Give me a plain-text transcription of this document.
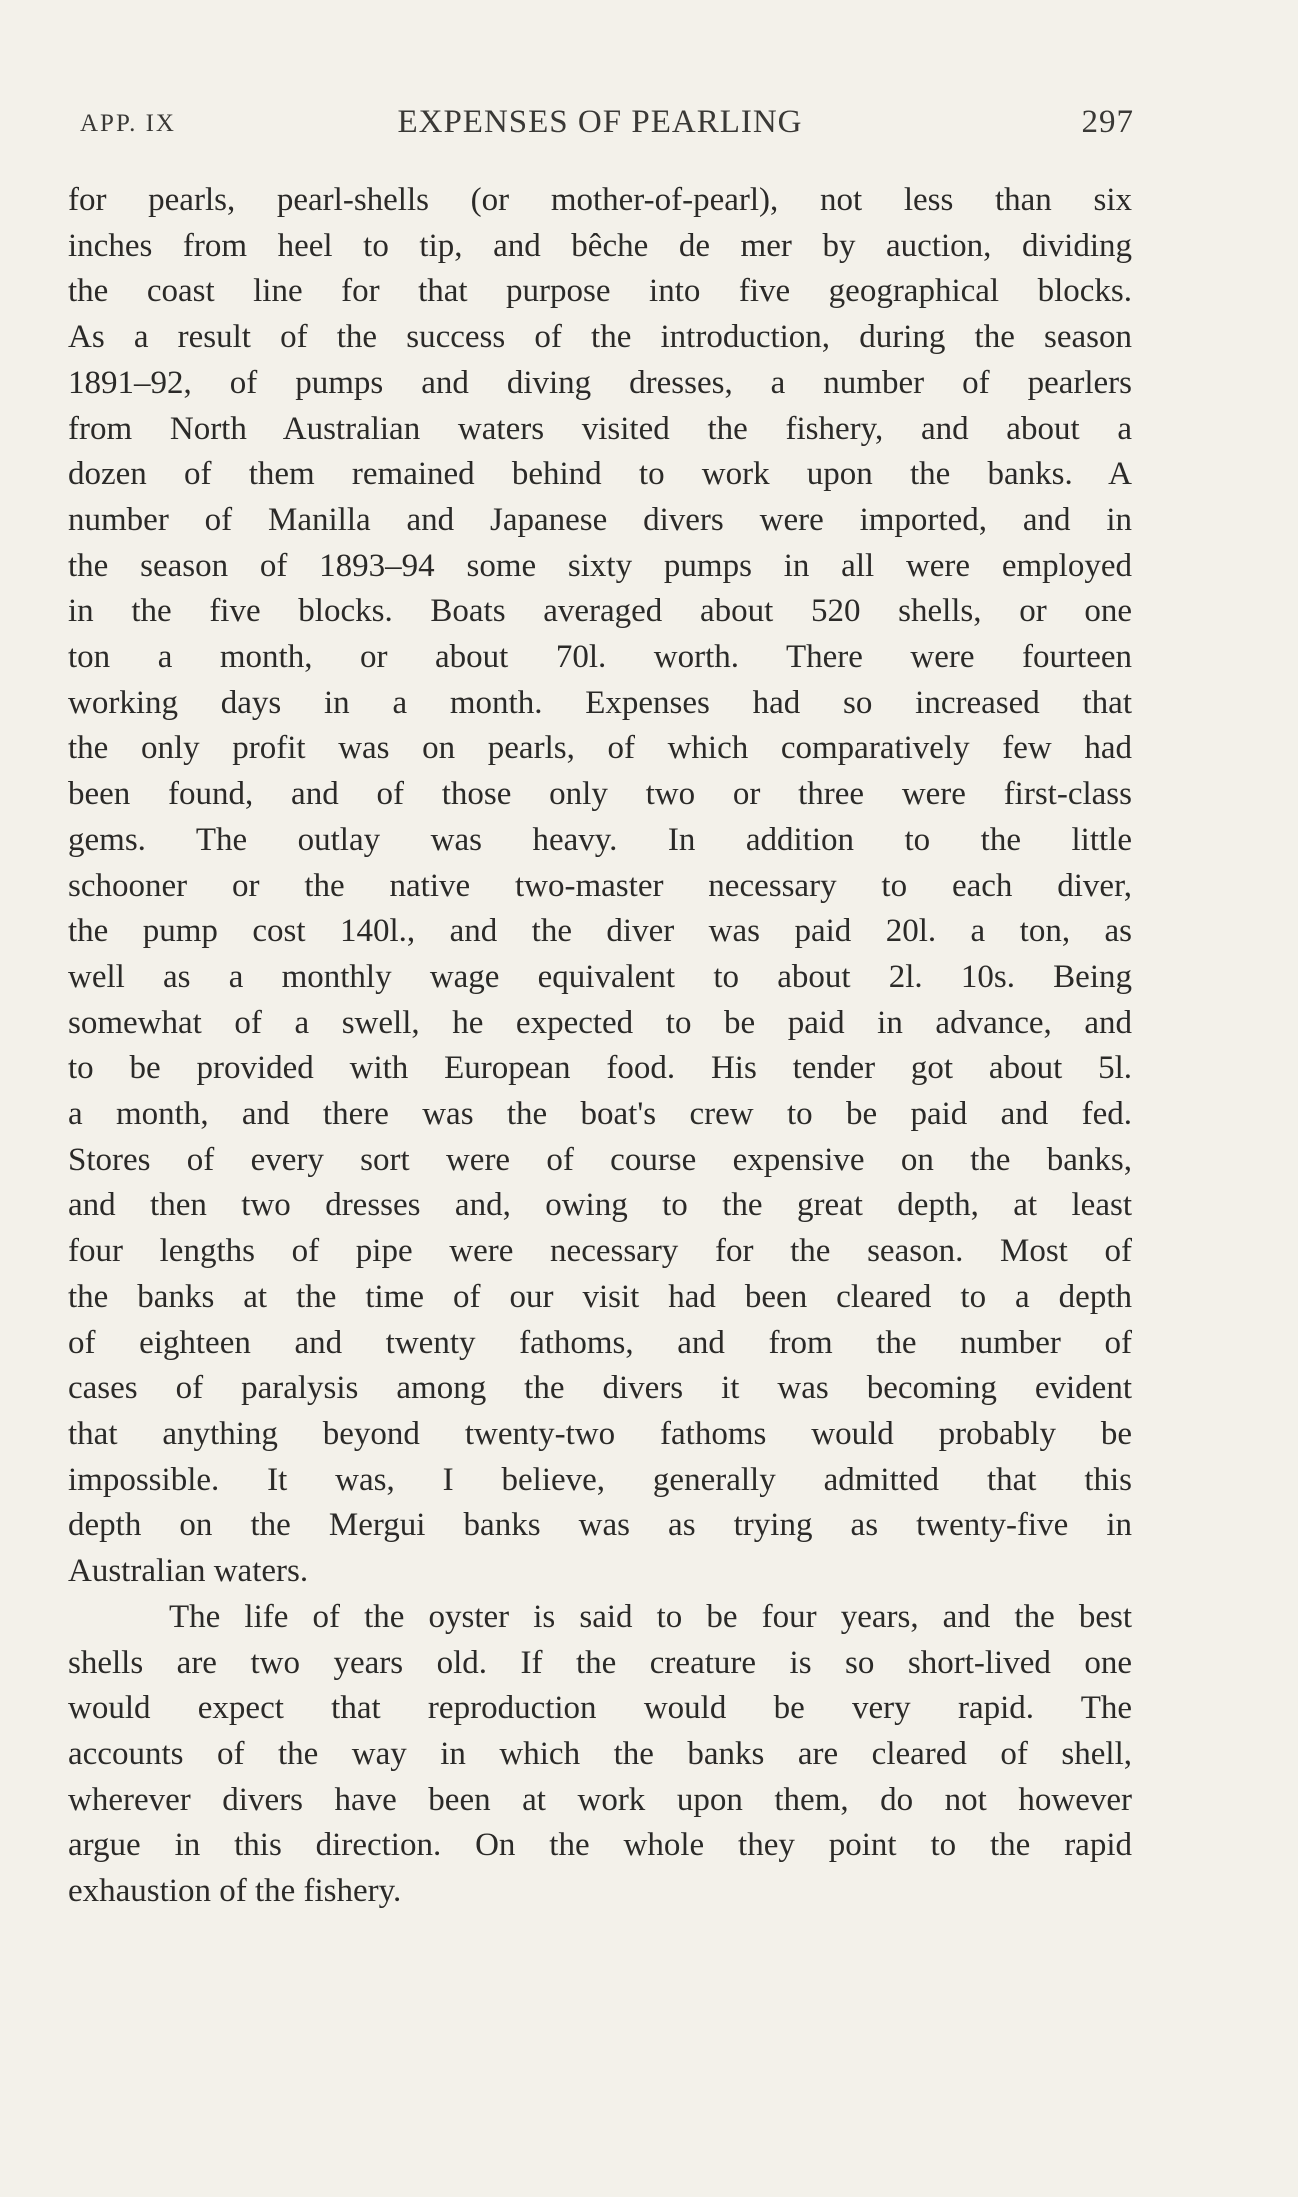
APP. IX	EXPENSES OF PEARLING	297

for pearls, pearl-shells (or mother-of-pearl), not less than six
inches from heel to tip, and bêche de mer by auction, dividing
the coast line for that purpose into five geographical blocks.
As a result of the success of the introduction, during the season
1891–92, of pumps and diving dresses, a number of pearlers
from North Australian waters visited the fishery, and about a
dozen of them remained behind to work upon the banks. A
number of Manilla and Japanese divers were imported, and in
the season of 1893–94 some sixty pumps in all were employed
in the five blocks. Boats averaged about 520 shells, or one
ton a month, or about 70l. worth. There were fourteen
working days in a month. Expenses had so increased that
the only profit was on pearls, of which comparatively few had
been found, and of those only two or three were first-class
gems. The outlay was heavy. In addition to the little
schooner or the native two-master necessary to each diver,
the pump cost 140l., and the diver was paid 20l. a ton, as
well as a monthly wage equivalent to about 2l. 10s. Being
somewhat of a swell, he expected to be paid in advance, and
to be provided with European food. His tender got about 5l.
a month, and there was the boat's crew to be paid and fed.
Stores of every sort were of course expensive on the banks,
and then two dresses and, owing to the great depth, at least
four lengths of pipe were necessary for the season. Most of
the banks at the time of our visit had been cleared to a depth
of eighteen and twenty fathoms, and from the number of
cases of paralysis among the divers it was becoming evident
that anything beyond twenty-two fathoms would probably be
impossible. It was, I believe, generally admitted that this
depth on the Mergui banks was as trying as twenty-five in
Australian waters.

The life of the oyster is said to be four years, and the best
shells are two years old. If the creature is so short-lived one
would expect that reproduction would be very rapid. The
accounts of the way in which the banks are cleared of shell,
wherever divers have been at work upon them, do not however
argue in this direction. On the whole they point to the rapid
exhaustion of the fishery.
